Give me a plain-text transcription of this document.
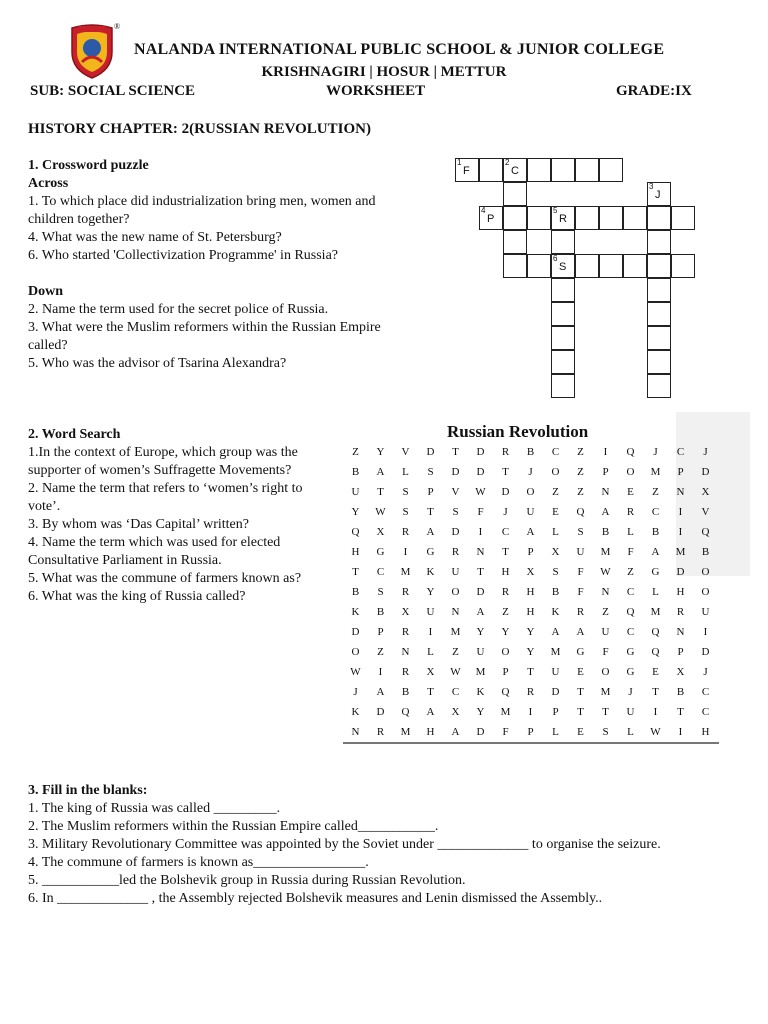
®
NALANDA INTERNATIONAL PUBLIC SCHOOL & JUNIOR COLLEGE
KRISHNAGIRI | HOSUR | METTUR
SUB: SOCIAL SCIENCE	WORKSHEET	GRADE:IX
HISTORY CHAPTER: 2(RUSSIAN REVOLUTION)
1. Crossword puzzle
Across
1. To which place did industrialization bring men, women and
children together?
4. What was the new name of St. Petersburg?
6. Who started 'Collectivization Programme' in Russia?
Down
2. Name the term used for the secret police of Russia.
3. What were the Muslim reformers within the Russian Empire
called?
5. Who was the advisor of Tsarina Alexandra?
1
F
2
C
3
J
4
P
5
R
6
S
2. Word Search
1.In the context of Europe, which group was the
supporter of women’s Suffragette Movements?
2. Name the term that refers to ‘women’s right to
vote’.
3. By whom was ‘Das Capital’ written?
4. Name the term which was used for elected
Consultative Parliament in Russia.
5. What was the commune of farmers known as?
6. What was the king of Russia called?
Russian Revolution
Z	Y	V	D	T	D	R	B	C	Z	I	Q	J	C	J
B	A	L	S	D	D	T	J	O	Z	P	O	M	P	D
U	T	S	P	V	W	D	O	Z	Z	N	E	Z	N	X
Y	W	S	T	S	F	J	U	E	Q	A	R	C	I	V
Q	X	R	A	D	I	C	A	L	S	B	L	B	I	Q
H	G	I	G	R	N	T	P	X	U	M	F	A	M	B
T	C	M	K	U	T	H	X	S	F	W	Z	G	D	O
B	S	R	Y	O	D	R	H	B	F	N	C	L	H	O
K	B	X	U	N	A	Z	H	K	R	Z	Q	M	R	U
D	P	R	I	M	Y	Y	Y	A	A	U	C	Q	N	I
O	Z	N	L	Z	U	O	Y	M	G	F	G	Q	P	D
W	I	R	X	W	M	P	T	U	E	O	G	E	X	J
J	A	B	T	C	K	Q	R	D	T	M	J	T	B	C
K	D	Q	A	X	Y	M	I	P	T	T	U	I	T	C
N	R	M	H	A	D	F	P	L	E	S	L	W	I	H
3. Fill in the blanks:
1. The king of Russia was called _________.
2. The Muslim reformers within the Russian Empire called___________.
3. Military Revolutionary Committee was appointed by the Soviet under _____________ to organise the seizure.
4. The commune of farmers is known as________________.
5. ___________led the Bolshevik group in Russia during Russian Revolution.
6. In _____________ , the Assembly rejected Bolshevik measures and Lenin dismissed the Assembly..
